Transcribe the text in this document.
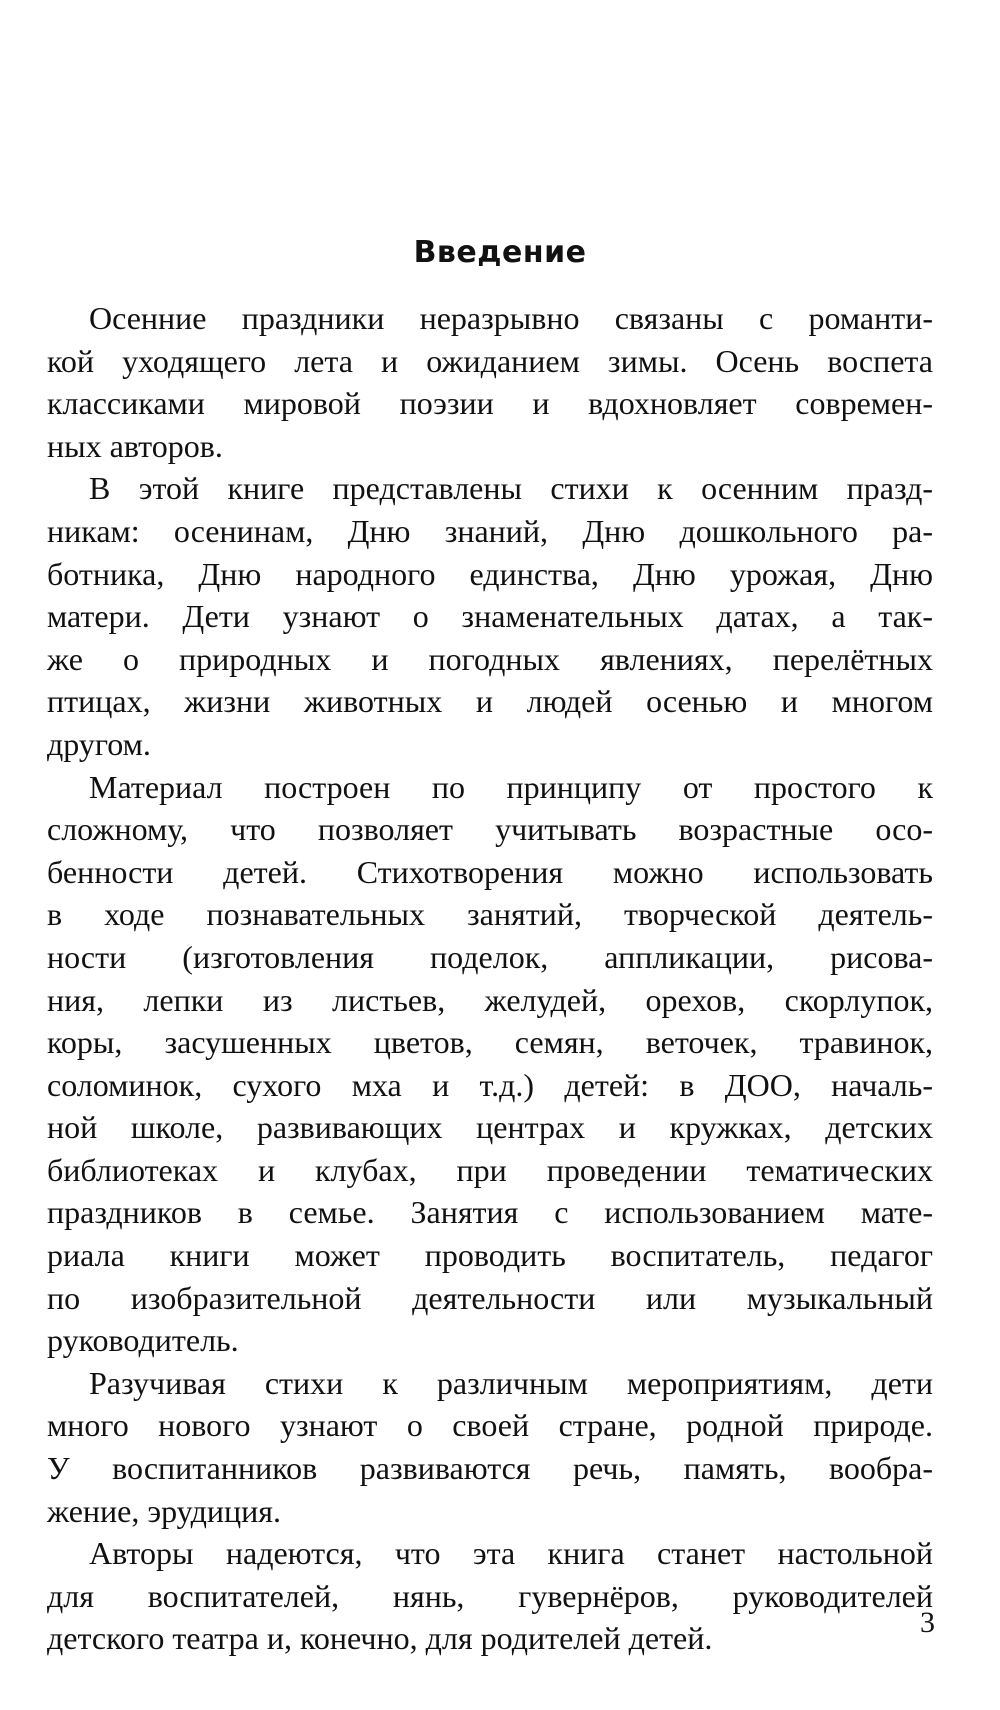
Введение
Осенние праздники неразрывно связаны с романти-
кой уходящего лета и ожиданием зимы. Осень воспета
классиками мировой поэзии и вдохновляет современ-
ных авторов.
В этой книге представлены стихи к осенним празд-
никам: осенинам, Дню знаний, Дню дошкольного ра-
ботника, Дню народного единства, Дню урожая, Дню
матери. Дети узнают о знаменательных датах, а так-
же о природных и погодных явлениях, перелётных
птицах, жизни животных и людей осенью и многом
другом.
Материал построен по принципу от простого к
сложному, что позволяет учитывать возрастные осо-
бенности детей. Стихотворения можно использовать
в ходе познавательных занятий, творческой деятель-
ности (изготовления поделок, аппликации, рисова-
ния, лепки из листьев, желудей, орехов, скорлупок,
коры, засушенных цветов, семян, веточек, травинок,
соломинок, сухого мха и т.д.) детей: в ДОО, началь-
ной школе, развивающих центрах и кружках, детских
библиотеках и клубах, при проведении тематических
праздников в семье. Занятия с использованием мате-
риала книги может проводить воспитатель, педагог
по изобразительной деятельности или музыкальный
руководитель.
Разучивая стихи к различным мероприятиям, дети
много нового узнают о своей стране, родной природе.
У воспитанников развиваются речь, память, вообра-
жение, эрудиция.
Авторы надеются, что эта книга станет настольной
для воспитателей, нянь, гувернёров, руководителей
детского театра и, конечно, для родителей детей.	3
